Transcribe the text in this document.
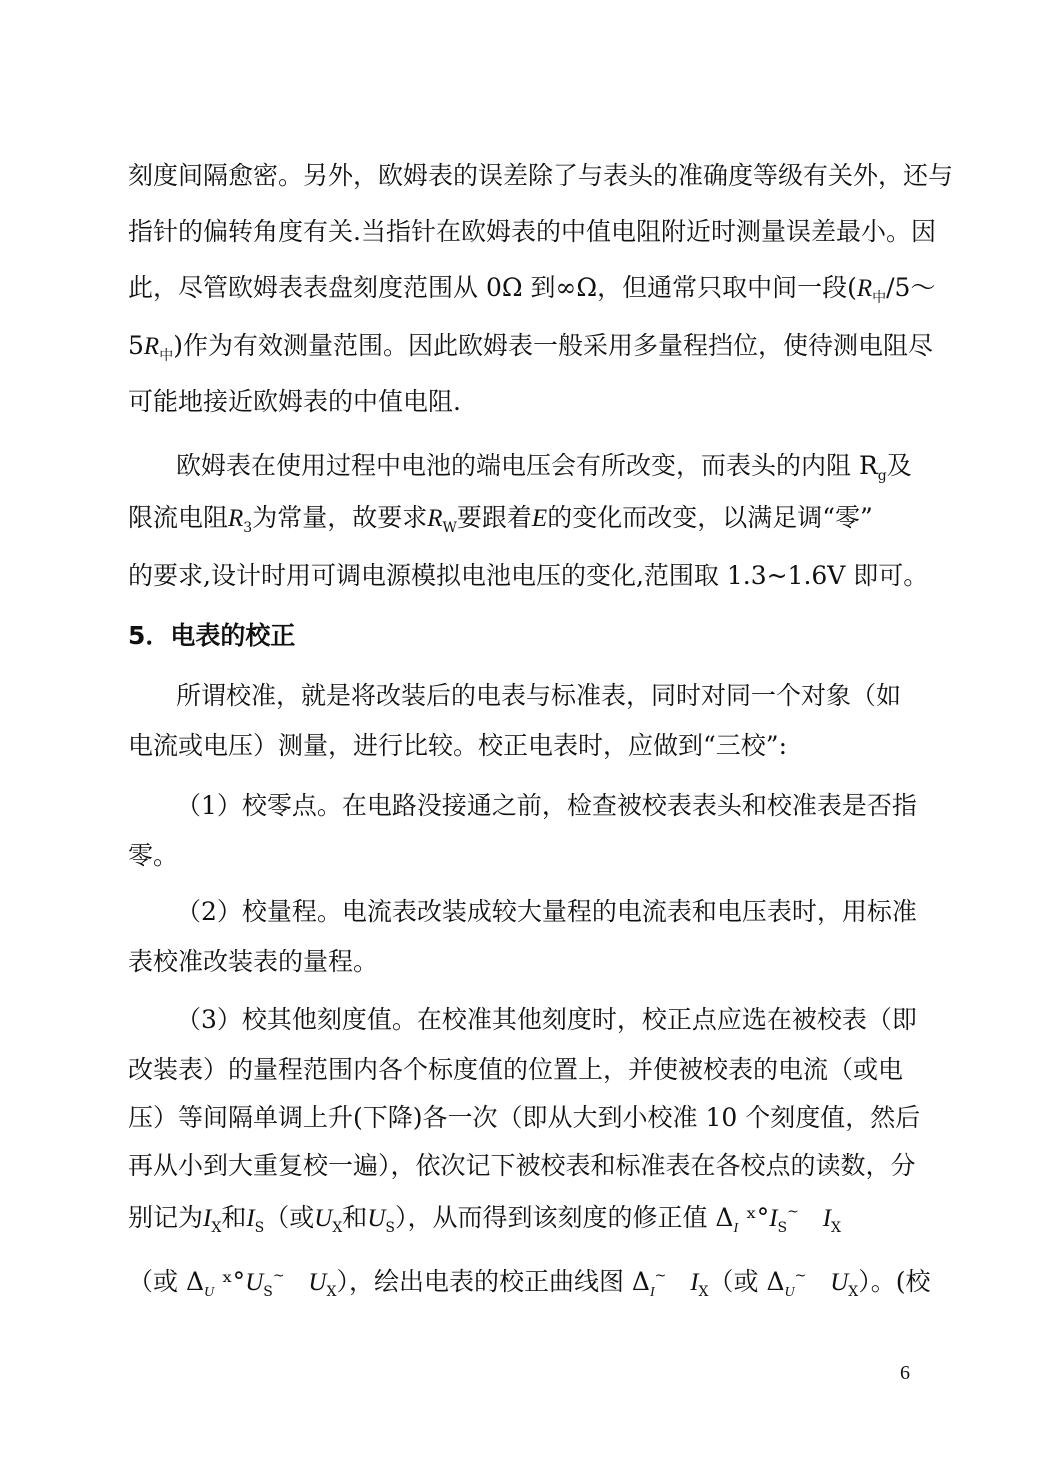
刻度间隔愈密。另外，欧姆表的误差除了与表头的准确度等级有关外，还与
指针的偏转角度有关.当指针在欧姆表的中值电阻附近时测量误差最小。因
此，尽管欧姆表表盘刻度范围从 0Ω 到∞Ω，但通常只取中间一段($R_中/5\sim$
$5R_中$)作为有效测量范围。因此欧姆表一般采用多量程挡位，使待测电阻尽
可能地接近欧姆表的中值电阻.
欧姆表在使用过程中电池的端电压会有所改变，而表头的内阻 $R_g$及
限流电阻$R_3$为常量，故要求$R_W$要跟着E的变化而改变，以满足调“零”
的要求,设计时用可调电源模拟电池电压的变化,范围取 1.3~1.6V 即可。
5．电表的校正
所谓校准，就是将改装后的电表与标准表，同时对同一个对象（如
电流或电压）测量，进行比较。校正电表时，应做到“三校”:
（1）校零点。在电路没接通之前，检查被校表表头和校准表是否指
零。
（2）校量程。电流表改装成较大量程的电流表和电压表时，用标准
表校准改装表的量程。
（3）校其他刻度值。在校准其他刻度时，校正点应选在被校表（即
改装表）的量程范围内各个标度值的位置上，并使被校表的电流（或电
压）等间隔单调上升(下降)各一次（即从大到小校准 10 个刻度值，然后
再从小到大重复校一遍），依次记下被校表和标准表在各校点的读数，分
别记为$I_X$和$I_S$（或$U_X$和$U_S$），从而得到该刻度的修正值 $\Delta_I$ $ˣ^\circ I_S^\sim$ $I_X$
（或 $\Delta_U$ $ˣ^\circ U_S^\sim$ $U_X$），绘出电表的校正曲线图 $\Delta_I^\sim$ $I_X$（或 $\Delta_U^\sim$ $U_X$）。(校
6
